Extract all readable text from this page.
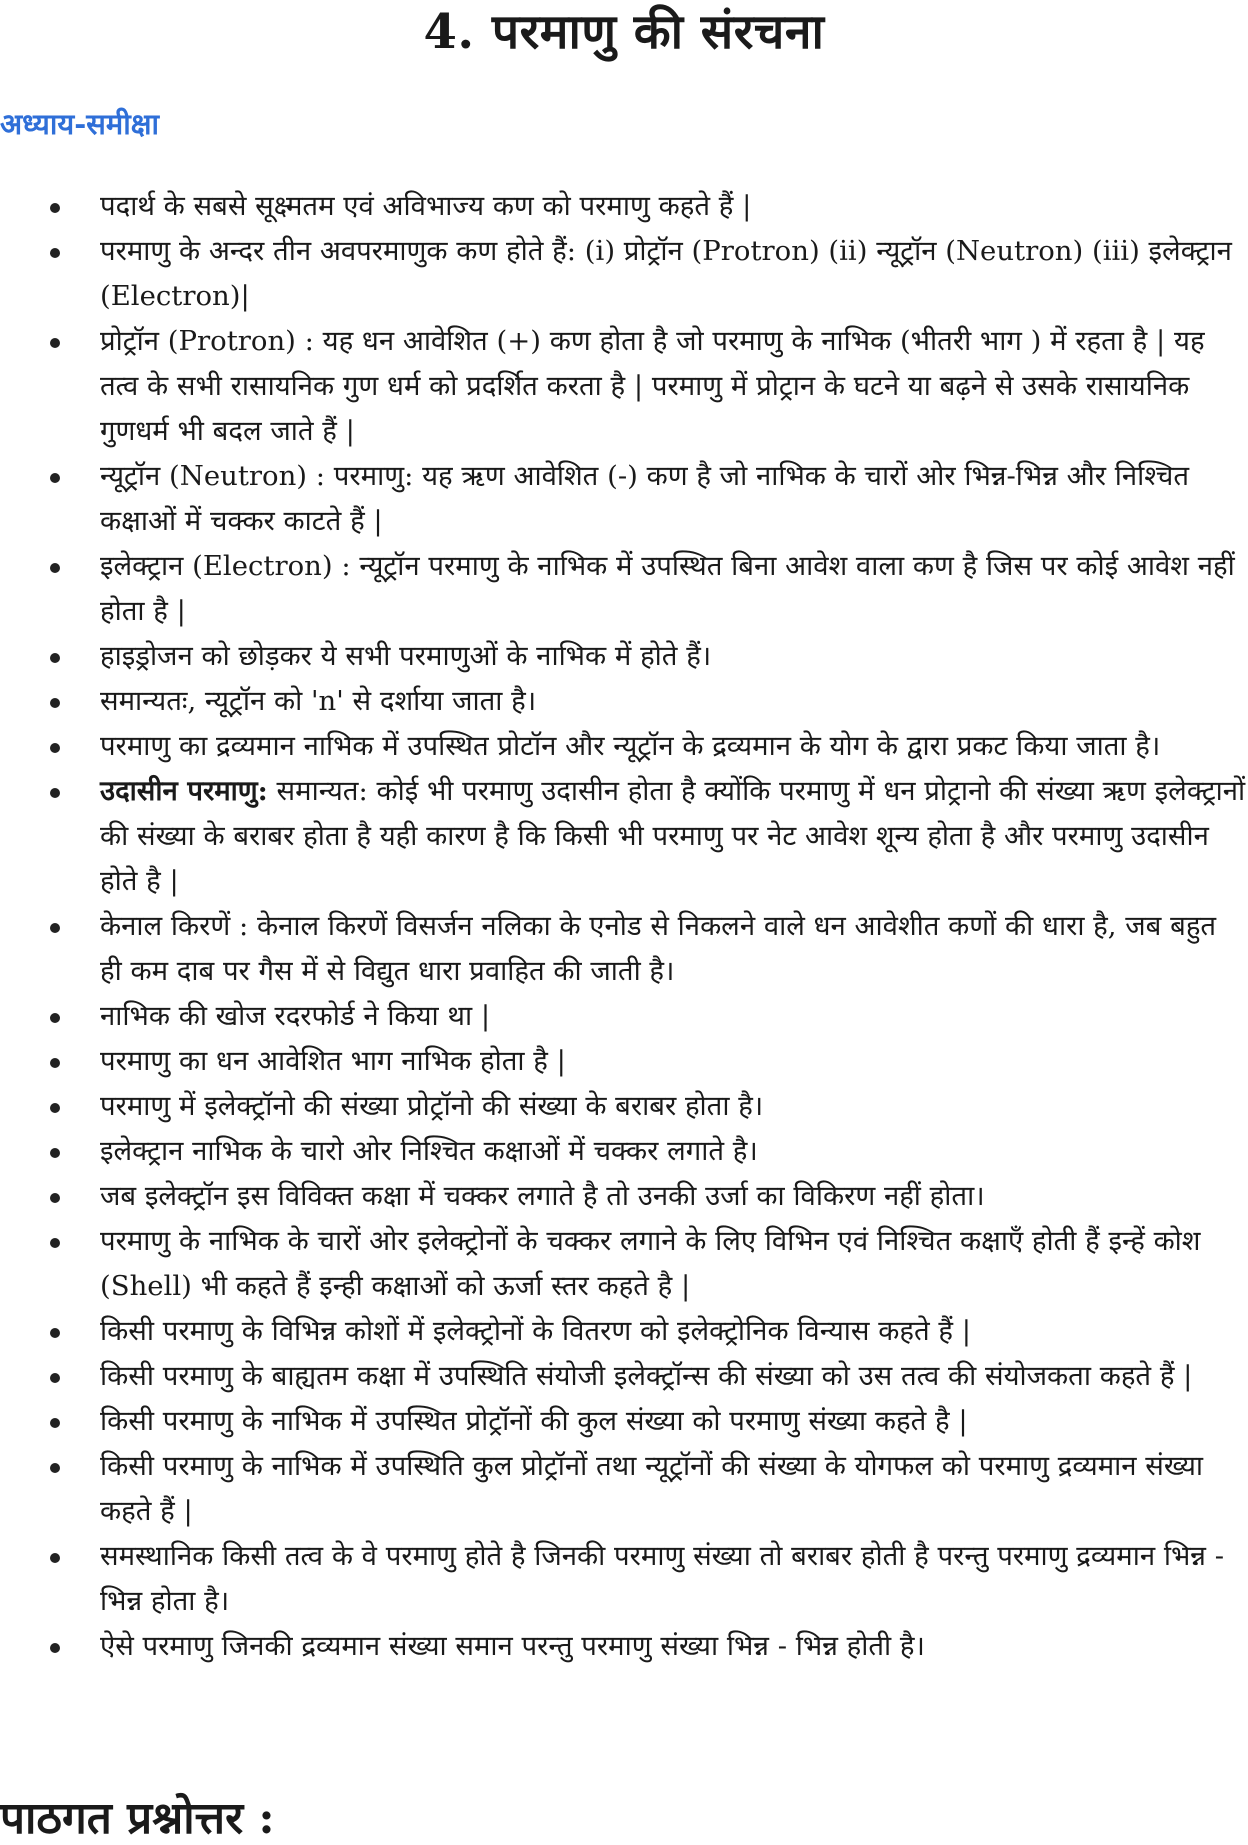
4. परमाणु की संरचना
अध्याय-समीक्षा
पदार्थ के सबसे सूक्ष्मतम एवं अविभाज्य कण को परमाणु कहते हैं |
परमाणु के अन्दर तीन अवपरमाणुक कण होते हैं: (i) प्रोट्रॉन (Protron) (ii) न्यूट्रॉन (Neutron) (iii) इलेक्ट्रान (Electron)|
प्रोट्रॉन (Protron) : यह धन आवेशित (+) कण होता है जो परमाणु के नाभिक (भीतरी भाग ) में रहता है | यह तत्व के सभी रासायनिक गुण धर्म को प्रदर्शित करता है | परमाणु में प्रोट्रान के घटने या बढ़ने से उसके रासायनिक गुणधर्म भी बदल जाते हैं |
न्यूट्रॉन (Neutron) : परमाणु: यह ऋण आवेशित (-) कण है जो नाभिक के चारों ओर भिन्न-भिन्न और निश्चित कक्षाओं में चक्कर काटते हैं |
इलेक्ट्रान (Electron) : न्यूट्रॉन परमाणु के नाभिक में उपस्थित बिना आवेश वाला कण है जिस पर कोई आवेश नहीं होता है |
हाइड्रोजन को छोड़कर ये सभी परमाणुओं के नाभिक में होते हैं।
समान्यतः, न्यूट्रॉन को 'n' से दर्शाया जाता है।
परमाणु का द्रव्यमान नाभिक में उपस्थित प्रोटॉन और न्यूट्रॉन के द्रव्यमान के योग के द्वारा प्रकट किया जाता है।
उदासीन परमाणु: समान्यत: कोई भी परमाणु उदासीन होता है क्योंकि परमाणु में धन प्रोट्रानो की संख्या ऋण इलेक्ट्रानों की संख्या के बराबर होता है यही कारण है कि किसी भी परमाणु पर नेट आवेश शून्य होता है और परमाणु उदासीन होते है |
केनाल किरणें : केनाल किरणें विसर्जन नलिका के एनोड से निकलने वाले धन आवेशीत कणों की धारा है, जब बहुत ही कम दाब पर गैस में से विद्युत धारा प्रवाहित की जाती है।
नाभिक की खोज रदरफोर्ड ने किया था |
परमाणु का धन आवेशित भाग नाभिक होता है |
परमाणु में इलेक्ट्रॉनो की संख्या प्रोट्रॉनो की संख्या के बराबर होता है।
इलेक्ट्रान नाभिक के चारो ओर निश्चित कक्षाओं में चक्कर लगाते है।
जब इलेक्ट्रॉन इस विविक्त कक्षा में चक्कर लगाते है तो उनकी उर्जा का विकिरण नहीं होता।
परमाणु के नाभिक के चारों ओर इलेक्ट्रोनों के चक्कर लगाने के लिए विभिन एवं निश्चित कक्षाएँ होती हैं इन्हें कोश (Shell) भी कहते हैं इन्ही कक्षाओं को ऊर्जा स्तर कहते है |
किसी परमाणु के विभिन्न कोशों में इलेक्ट्रोनों के वितरण को इलेक्ट्रोनिक विन्यास कहते हैं |
किसी परमाणु के बाह्यतम कक्षा में उपस्थिति संयोजी इलेक्ट्रॉन्स की संख्या को उस तत्व की संयोजकता कहते हैं |
किसी परमाणु के नाभिक में उपस्थित प्रोट्रॉनों की कुल संख्या को परमाणु संख्या कहते है |
किसी परमाणु के नाभिक में उपस्थिति कुल प्रोट्रॉनों तथा न्यूट्रॉनों की संख्या के योगफल को परमाणु द्रव्यमान संख्या कहते हैं |
समस्थानिक किसी तत्व के वे परमाणु होते है जिनकी परमाणु संख्या तो बराबर होती है परन्तु परमाणु द्रव्यमान भिन्न - भिन्न होता है।
ऐसे परमाणु जिनकी द्रव्यमान संख्या समान परन्तु परमाणु संख्या भिन्न - भिन्न होती है।
पाठगत प्रश्नोत्तर :
